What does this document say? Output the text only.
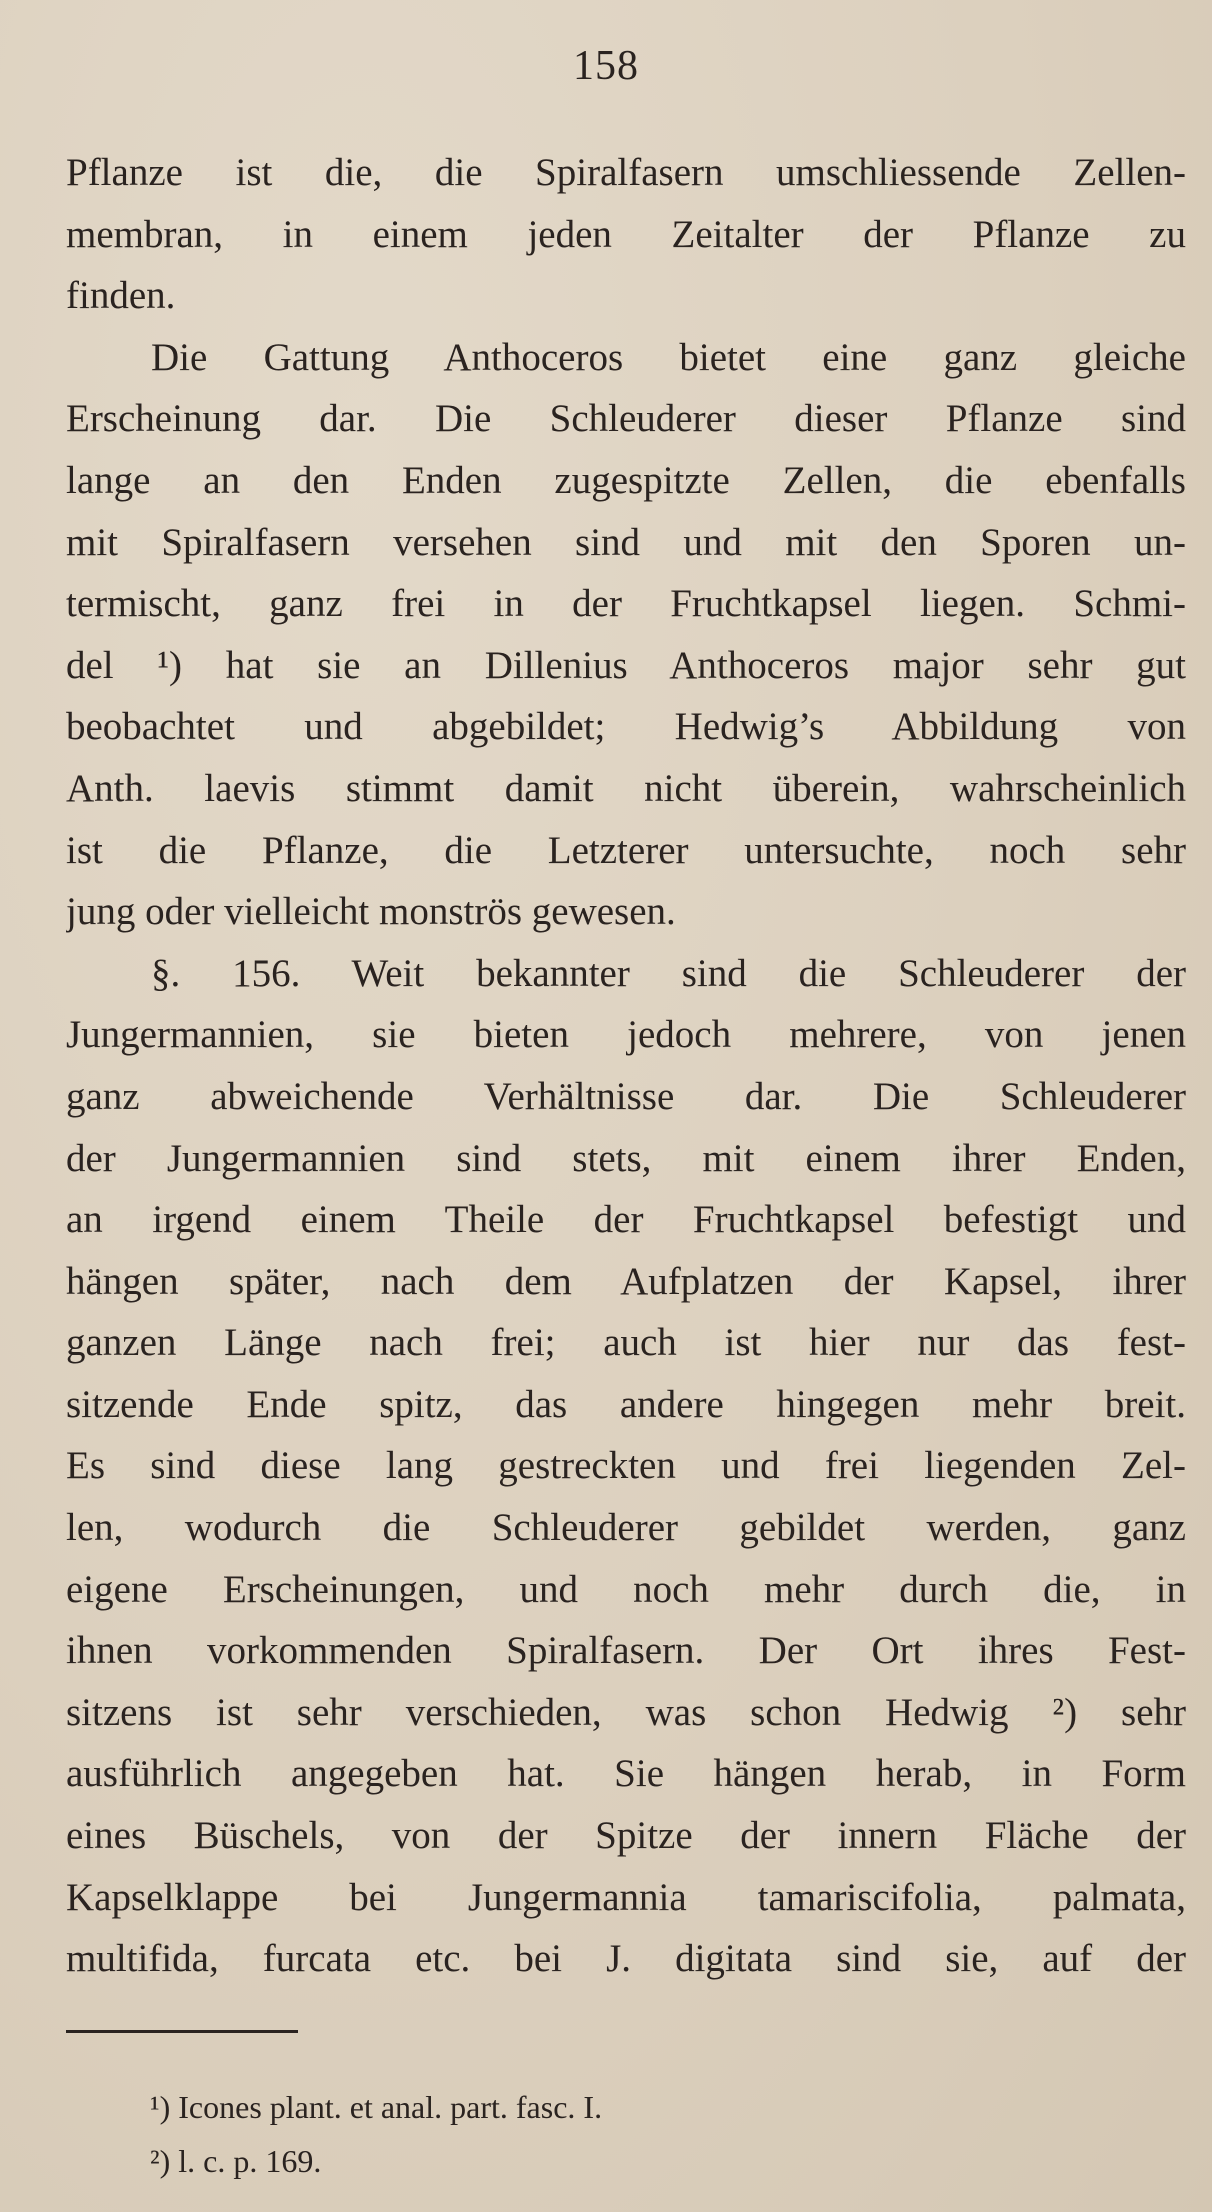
158
Pflanze ist die, die Spiralfasern umschliessende Zellen-
membran, in einem jeden Zeitalter der Pflanze zu
finden.
Die Gattung Anthoceros bietet eine ganz gleiche
Erscheinung dar. Die Schleuderer dieser Pflanze sind
lange an den Enden zugespitzte Zellen, die ebenfalls
mit Spiralfasern versehen sind und mit den Sporen un-
termischt, ganz frei in der Fruchtkapsel liegen. Schmi-
del ¹) hat sie an Dillenius Anthoceros major sehr gut
beobachtet und abgebildet; Hedwig’s Abbildung von
Anth. laevis stimmt damit nicht überein, wahrscheinlich
ist die Pflanze, die Letzterer untersuchte, noch sehr
jung oder vielleicht monströs gewesen.
§. 156. Weit bekannter sind die Schleuderer der
Jungermannien, sie bieten jedoch mehrere, von jenen
ganz abweichende Verhältnisse dar. Die Schleuderer
der Jungermannien sind stets, mit einem ihrer Enden,
an irgend einem Theile der Fruchtkapsel befestigt und
hängen später, nach dem Aufplatzen der Kapsel, ihrer
ganzen Länge nach frei; auch ist hier nur das fest-
sitzende Ende spitz, das andere hingegen mehr breit.
Es sind diese lang gestreckten und frei liegenden Zel-
len, wodurch die Schleuderer gebildet werden, ganz
eigene Erscheinungen, und noch mehr durch die, in
ihnen vorkommenden Spiralfasern. Der Ort ihres Fest-
sitzens ist sehr verschieden, was schon Hedwig ²) sehr
ausführlich angegeben hat. Sie hängen herab, in Form
eines Büschels, von der Spitze der innern Fläche der
Kapselklappe bei Jungermannia tamariscifolia, palmata,
multifida, furcata etc. bei J. digitata sind sie, auf der
¹) Icones plant. et anal. part. fasc. I.
²) l. c. p. 169.
